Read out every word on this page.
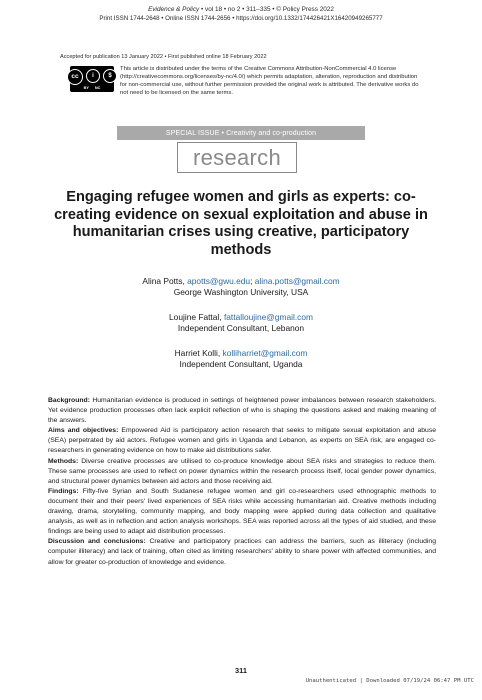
Evidence & Policy • vol 18 • no 2 • 311–335 • © Policy Press 2022
Print ISSN 1744-2648 • Online ISSN 1744-2656 • https://doi.org/10.1332/174426421X16420949265777
Accepted for publication 13 January 2022 • First published online 18 February 2022
cc	i	$
BY NC
This article is distributed under the terms of the Creative Commons Attribution-NonCommercial 4.0 license (http://creativecommons.org/licenses/by-nc/4.0/) which permits adaptation, alteration, reproduction and distribution for non-commercial use, without further permission provided the original work is attributed. The derivative works do not need to be licensed on the same terms.
SPECIAL ISSUE • Creativity and co-production
research
Engaging refugee women and girls as experts: co-creating evidence on sexual exploitation and abuse in humanitarian crises using creative, participatory methods
Alina Potts, apotts@gwu.edu; alina.potts@gmail.com
George Washington University, USA
Loujine Fattal, fattalloujine@gmail.com
Independent Consultant, Lebanon
Harriet Kolli, kolliharriet@gmail.com
Independent Consultant, Uganda

Background: Humanitarian evidence is produced in settings of heightened power imbalances between research stakeholders. Yet evidence production processes often lack explicit reflection of who is shaping the questions asked and making meaning of the answers.

Aims and objectives: Empowered Aid is participatory action research that seeks to mitigate sexual exploitation and abuse (SEA) perpetrated by aid actors. Refugee women and girls in Uganda and Lebanon, as experts on SEA risk, are engaged co-researchers in generating evidence on how to make aid distributions safer.

Methods: Diverse creative processes are utilised to co-produce knowledge about SEA risks and strategies to reduce them. These same processes are used to reflect on power dynamics within the research process itself, local gender power dynamics, and structural power dynamics between aid actors and those receiving aid.

Findings: Fifty-five Syrian and South Sudanese refugee women and girl co-researchers used ethnographic methods to document their and their peers' lived experiences of SEA risks while accessing humanitarian aid. Creative methods including drawing, drama, storytelling, community mapping, and body mapping were applied during data collection and qualitative analysis, as well as in reflection and action analysis workshops. SEA was reported across all the types of aid studied, and these findings are being used to adapt aid distribution processes.

Discussion and conclusions: Creative and participatory practices can address the barriers, such as illiteracy (including computer illiteracy) and lack of training, often cited as limiting researchers' ability to share power with affected communities, and allow for greater co-production of knowledge and evidence.

311
Unauthenticated | Downloaded 07/19/24 06:47 PM UTC
